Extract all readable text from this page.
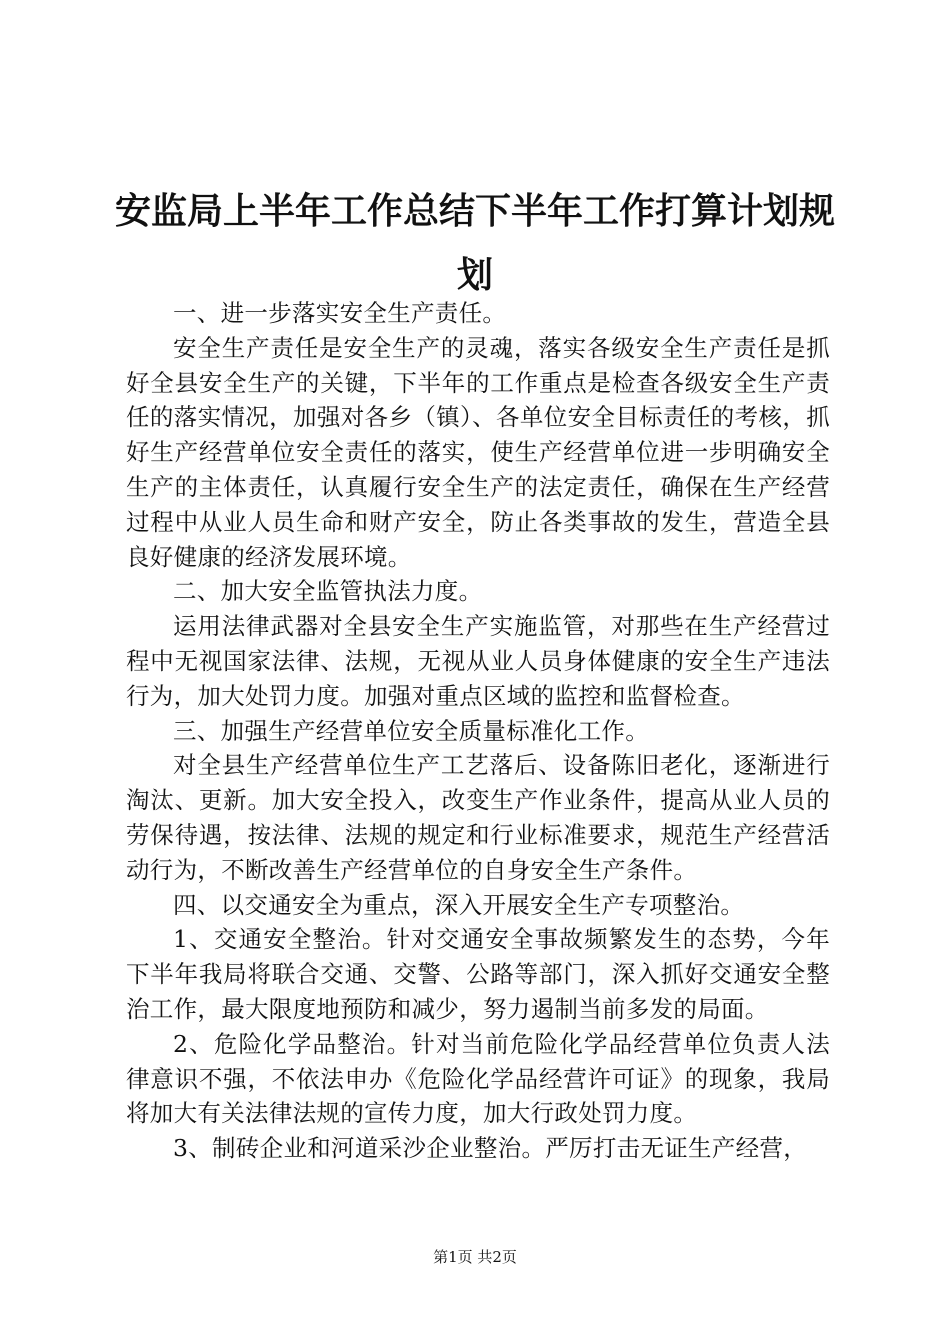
安监局上半年工作总结下半年工作打算计划规划

一、进一步落实安全生产责任。

安全生产责任是安全生产的灵魂，落实各级安全生产责任是抓好全县安全生产的关键，下半年的工作重点是检查各级安全生产责任的落实情况，加强对各乡（镇）、各单位安全目标责任的考核，抓好生产经营单位安全责任的落实，使生产经营单位进一步明确安全生产的主体责任，认真履行安全生产的法定责任，确保在生产经营过程中从业人员生命和财产安全，防止各类事故的发生，营造全县良好健康的经济发展环境。

二、加大安全监管执法力度。

运用法律武器对全县安全生产实施监管，对那些在生产经营过程中无视国家法律、法规，无视从业人员身体健康的安全生产违法行为，加大处罚力度。加强对重点区域的监控和监督检查。

三、加强生产经营单位安全质量标准化工作。

对全县生产经营单位生产工艺落后、设备陈旧老化，逐渐进行淘汰、更新。加大安全投入，改变生产作业条件，提高从业人员的劳保待遇，按法律、法规的规定和行业标准要求，规范生产经营活动行为，不断改善生产经营单位的自身安全生产条件。

四、以交通安全为重点，深入开展安全生产专项整治。

1、交通安全整治。针对交通安全事故频繁发生的态势，今年下半年我局将联合交通、交警、公路等部门，深入抓好交通安全整治工作，最大限度地预防和减少，努力遏制当前多发的局面。

2、危险化学品整治。针对当前危险化学品经营单位负责人法律意识不强，不依法申办《危险化学品经营许可证》的现象，我局将加大有关法律法规的宣传力度，加大行政处罚力度。

3、制砖企业和河道采沙企业整治。严厉打击无证生产经营，

第1页 共2页
